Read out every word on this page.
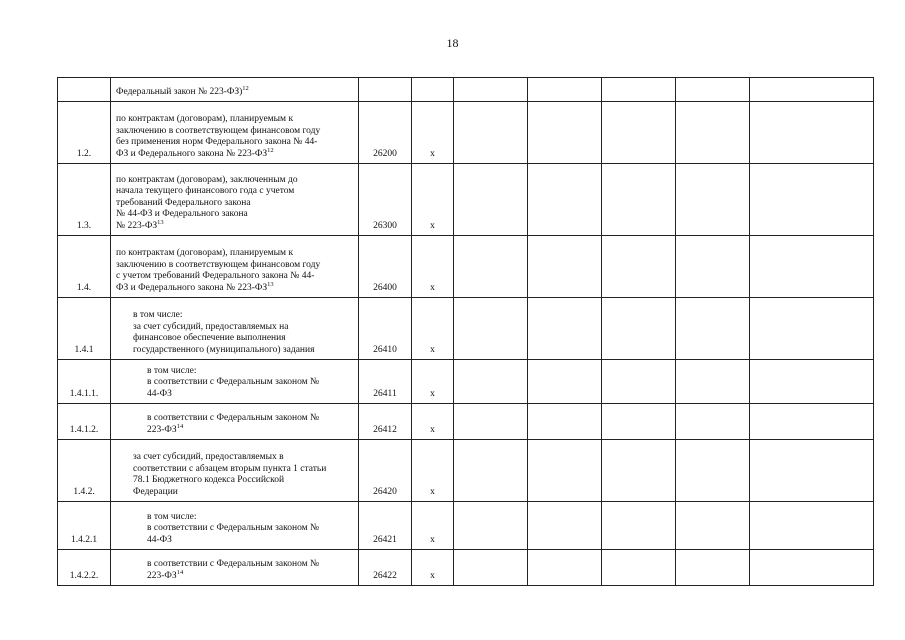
18
	Федеральный закон № 223-ФЗ)$^{12}$							
1.2.	по контрактам (договорам), планируемым к
заключению в соответствующем финансовом году
без применения норм Федерального закона № 44-
ФЗ и Федерального закона № 223-ФЗ$^{12}$	26200	x					
1.3.	по контрактам (договорам), заключенным до
начала текущего финансового года с учетом
требований Федерального закона
№ 44-ФЗ и Федерального закона
№ 223-ФЗ$^{13}$	26300	x					
1.4.	по контрактам (договорам), планируемым к
заключению в соответствующем финансовом году
с учетом требований Федерального закона № 44-
ФЗ и Федерального закона № 223-ФЗ$^{13}$	26400	x					
1.4.1	в том числе:
за счет субсидий, предоставляемых на
финансовое обеспечение выполнения
государственного (муниципального) задания	26410	x					
1.4.1.1.	в том числе:
в соответствии с Федеральным законом №
44-ФЗ	26411	x					
1.4.1.2.	в соответствии с Федеральным законом №
223-ФЗ$^{14}$	26412	x					
1.4.2.	за счет субсидий, предоставляемых в
соответствии с абзацем вторым пункта 1 статьи
78.1 Бюджетного кодекса Российской
Федерации	26420	x					
1.4.2.1	в том числе:
в соответствии с Федеральным законом №
44-ФЗ	26421	x					
1.4.2.2.	в соответствии с Федеральным законом №
223-ФЗ$^{14}$	26422	x					
